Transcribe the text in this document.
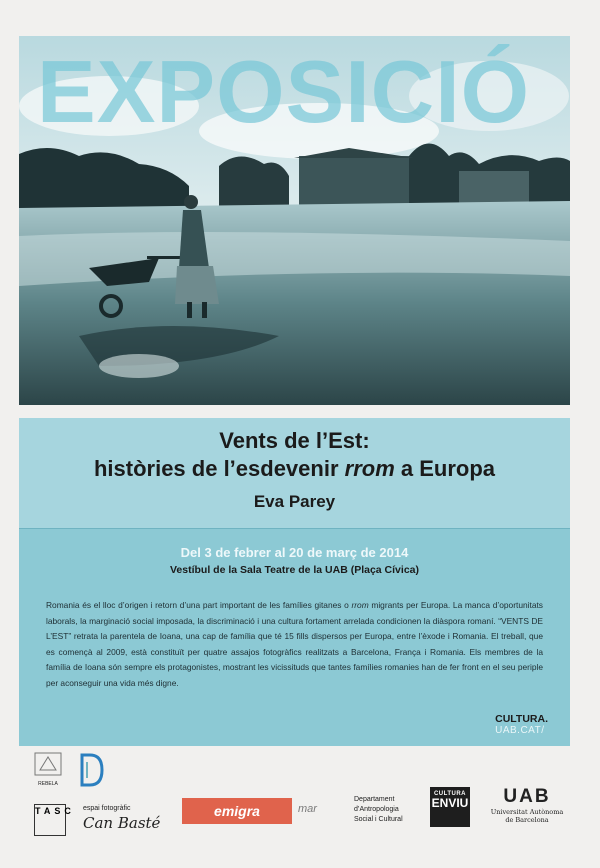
EXPOSICIÓ
Vents de l’Est:
històries de l’esdevenir rrom a Europa
Eva Parey
Del 3 de febrer al 20 de març de 2014
Vestíbul de la Sala Teatre de la UAB (Plaça Cívica)

Romania és el lloc d’origen i retorn d’una part important de les famílies gitanes o rrom migrants per Europa. La manca d’oportunitats laborals, la marginació social imposada, la discriminació i una cultura fortament arrelada condicionen la diàspora romaní. “VENTS DE L’EST” retrata la parentela de Ioana, una cap de família que té 15 fills dispersos per Europa, entre l’èxode i Romania. El treball, que es començà al 2009, està constituït per quatre assajos fotogràfics realitzats a Barcelona, França i Romania. Els membres de la família de Ioana són sempre els protagonistes, mostrant les vicissituds que tantes famílies romanies han de fer front en el seu periple per aconseguir una vida més digne.

CULTURA.
UAB.CAT/
REBELA
TASC espai fotogràfic
Can Basté
emigra	mar
Departament
d’Antropologia
Social i Cultural
CULTURA
ENVIU	UAB
Universitat Autònoma
de Barcelona
